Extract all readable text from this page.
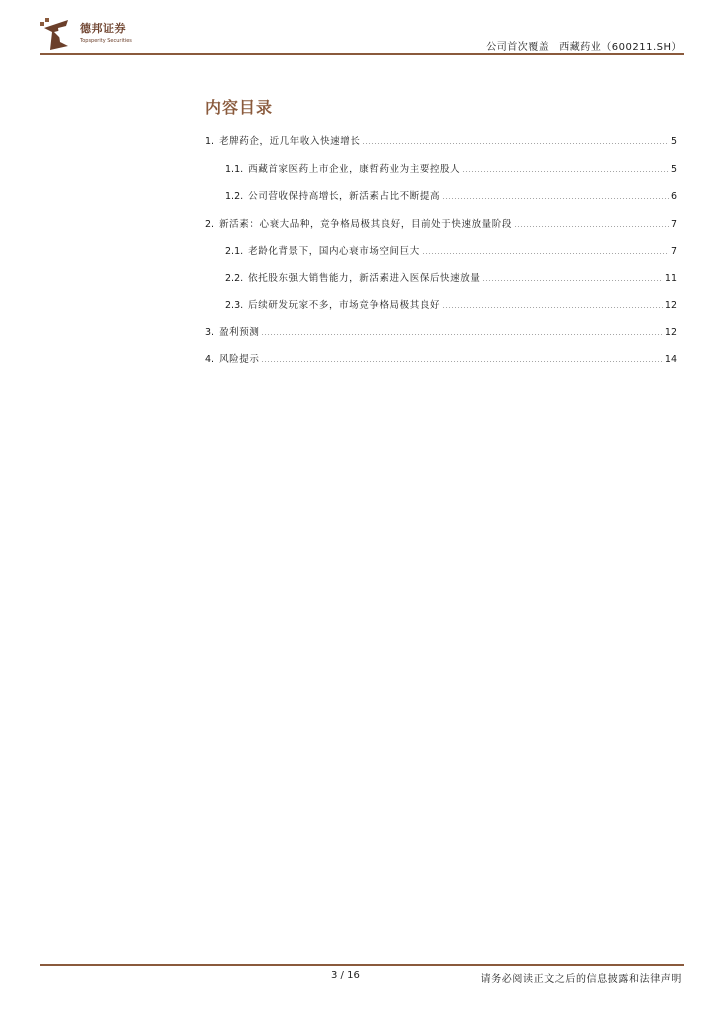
德邦证券
Topsperity Securities
公司首次覆盖 西藏药业（600211.SH）
内容目录
1. 老牌药企，近几年收入快速增长	5
1.1. 西藏首家医药上市企业，康哲药业为主要控股人	5
1.2. 公司营收保持高增长，新活素占比不断提高	6
2. 新活素：心衰大品种，竞争格局极其良好，目前处于快速放量阶段	7
2.1. 老龄化背景下，国内心衰市场空间巨大	7
2.2. 依托股东强大销售能力，新活素进入医保后快速放量	11
2.3. 后续研发玩家不多，市场竞争格局极其良好	12
3. 盈利预测	12
4. 风险提示	14
3 / 16	请务必阅读正文之后的信息披露和法律声明
